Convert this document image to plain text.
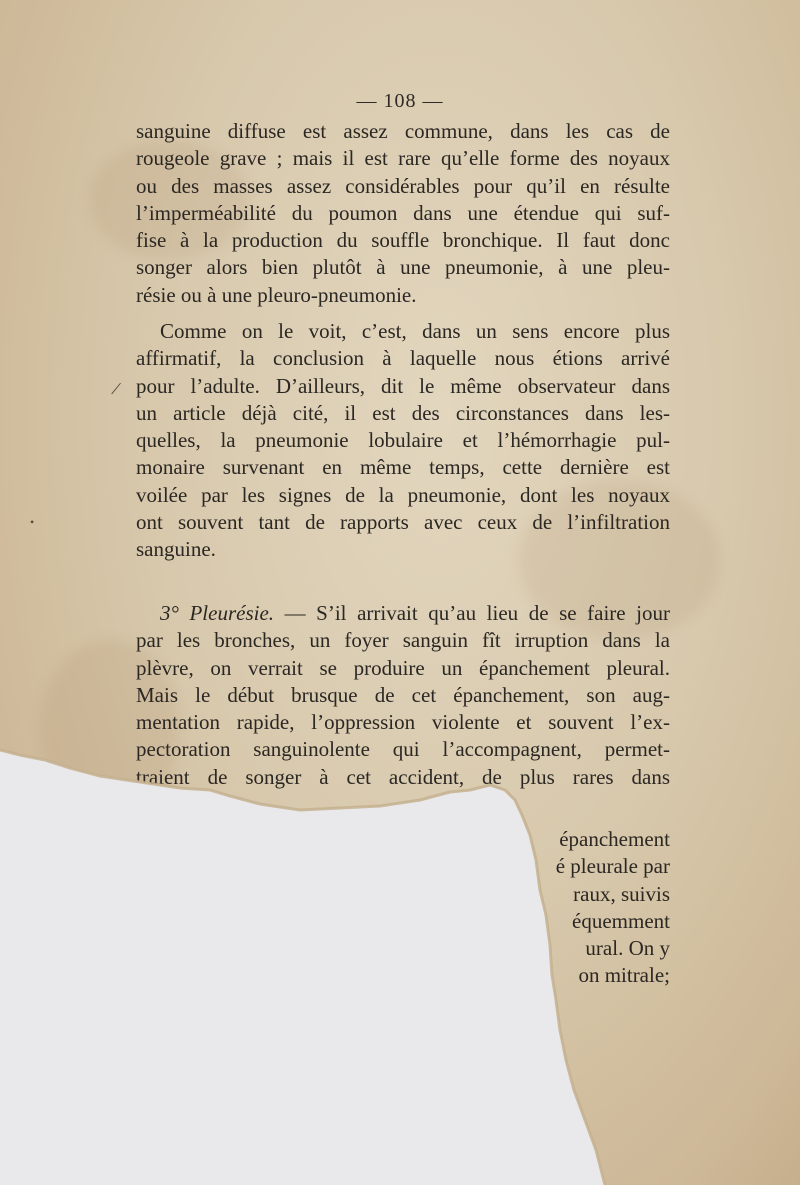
— 108 —
sanguine diffuse est assez commune, dans les cas de
rougeole grave ; mais il est rare qu’elle forme des noyaux
ou des masses assez considérables pour qu’il en résulte
l’imperméabilité du poumon dans une étendue qui suf-
fise à la production du souffle bronchique. Il faut donc
songer alors bien plutôt à une pneumonie, à une pleu-
résie ou à une pleuro-pneumonie.
Comme on le voit, c’est, dans un sens encore plus
affirmatif, la conclusion à laquelle nous étions arrivé
pour l’adulte. D’ailleurs, dit le même observateur dans
un article déjà cité, il est des circonstances dans les-
quelles, la pneumonie lobulaire et l’hémorrhagie pul-
monaire survenant en même temps, cette dernière est
voilée par les signes de la pneumonie, dont les noyaux
ont souvent tant de rapports avec ceux de l’infiltration
sanguine.
3° Pleurésie. — S’il arrivait qu’au lieu de se faire jour
par les bronches, un foyer sanguin fît irruption dans la
plèvre, on verrait se produire un épanchement pleural.
Mais le début brusque de cet épanchement, son aug-
mentation rapide, l’oppression violente et souvent l’ex-
pectoration sanguinolente qui l’accompagnent, permet-
traient de songer à cet accident, de plus rares dans
épanchement
é pleurale par
raux, suivis
équemment
ural. On y
on mitrale;
/
•
